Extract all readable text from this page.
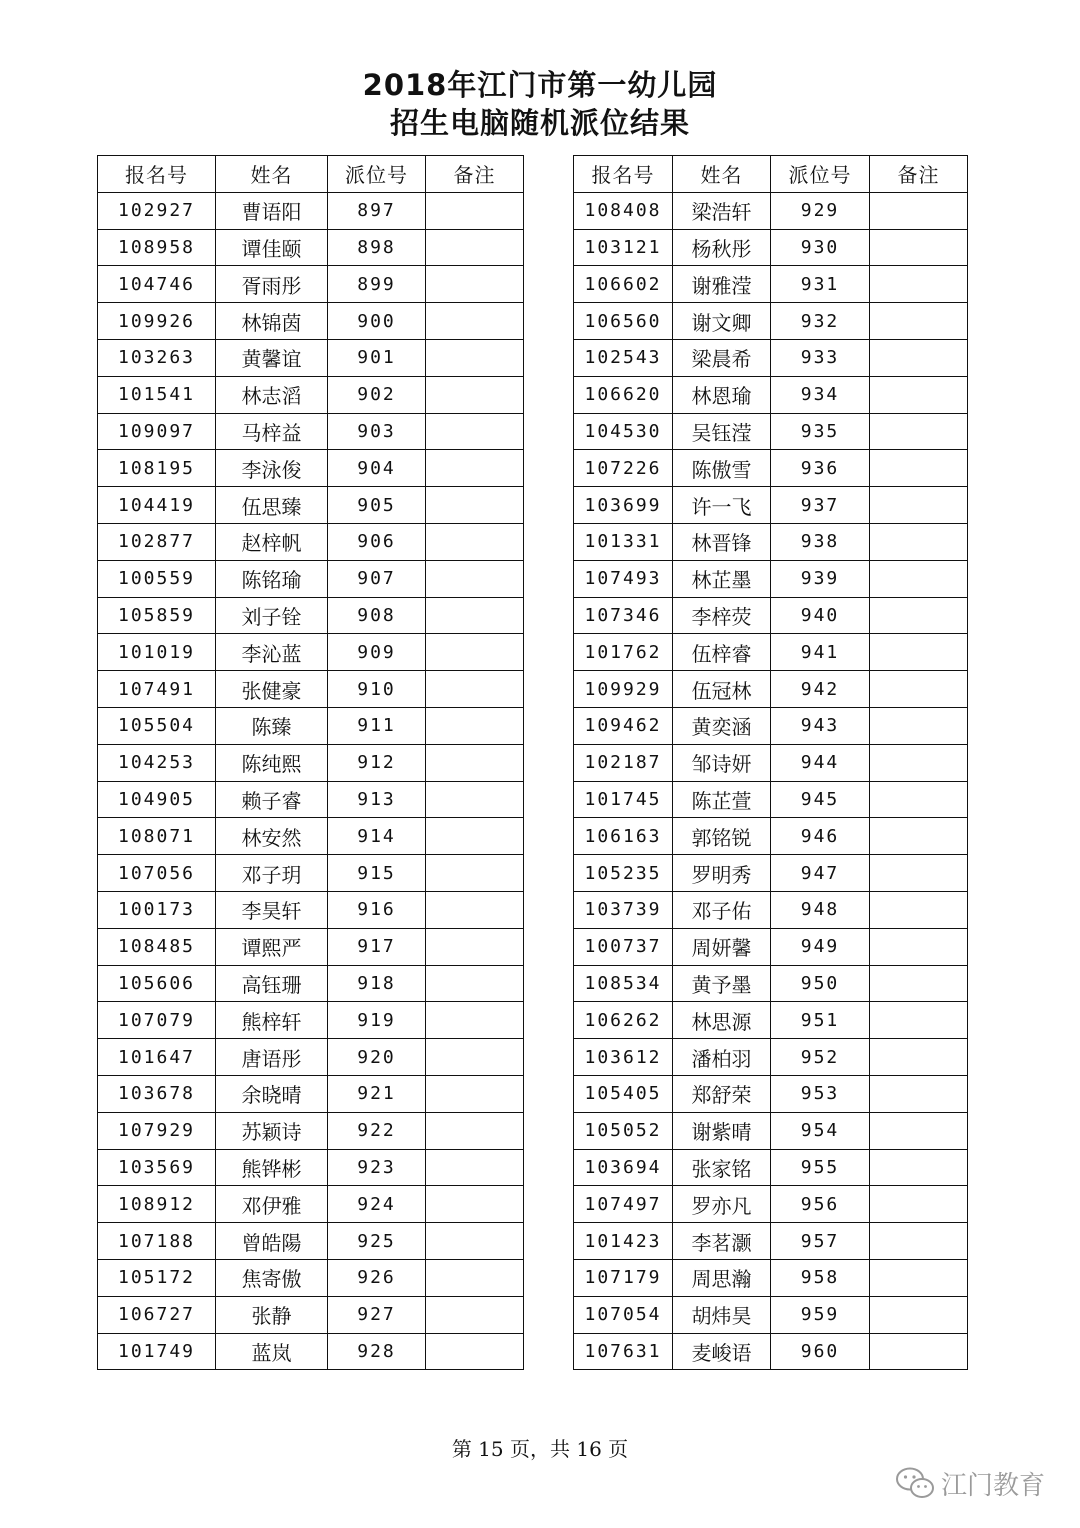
2018年江门市第一幼儿园
招生电脑随机派位结果
报名号	姓名	派位号	备注
102927	曹语阳	897	
108958	谭佳颐	898	
104746	胥雨彤	899	
109926	林锦茵	900	
103263	黄馨谊	901	
101541	林志滔	902	
109097	马梓益	903	
108195	李泳俊	904	
104419	伍思臻	905	
102877	赵梓帆	906	
100559	陈铭瑜	907	
105859	刘子铨	908	
101019	李沁蓝	909	
107491	张健豪	910	
105504	陈臻	911	
104253	陈纯熙	912	
104905	赖子睿	913	
108071	林安然	914	
107056	邓子玥	915	
100173	李昊轩	916	
108485	谭熙严	917	
105606	高钰珊	918	
107079	熊梓轩	919	
101647	唐语彤	920	
103678	余晓晴	921	
107929	苏颖诗	922	
103569	熊铧彬	923	
108912	邓伊雅	924	
107188	曾皓陽	925	
105172	焦寄傲	926	
106727	张静	927	
101749	蓝岚	928	
报名号	姓名	派位号	备注
108408	梁浩轩	929	
103121	杨秋彤	930	
106602	谢雅滢	931	
106560	谢文卿	932	
102543	梁晨希	933	
106620	林恩瑜	934	
104530	吴钰滢	935	
107226	陈傲雪	936	
103699	许一飞	937	
101331	林晋锋	938	
107493	林芷墨	939	
107346	李梓荧	940	
101762	伍梓睿	941	
109929	伍冠林	942	
109462	黄奕涵	943	
102187	邹诗妍	944	
101745	陈芷萱	945	
106163	郭铭锐	946	
105235	罗明秀	947	
103739	邓子佑	948	
100737	周妍馨	949	
108534	黄予墨	950	
106262	林思源	951	
103612	潘柏羽	952	
105405	郑舒荣	953	
105052	谢紫晴	954	
103694	张家铭	955	
107497	罗亦凡	956	
101423	李茗灏	957	
107179	周思瀚	958	
107054	胡炜昊	959	
107631	麦峻语	960	
第 15 页，共 16 页
江门教育
